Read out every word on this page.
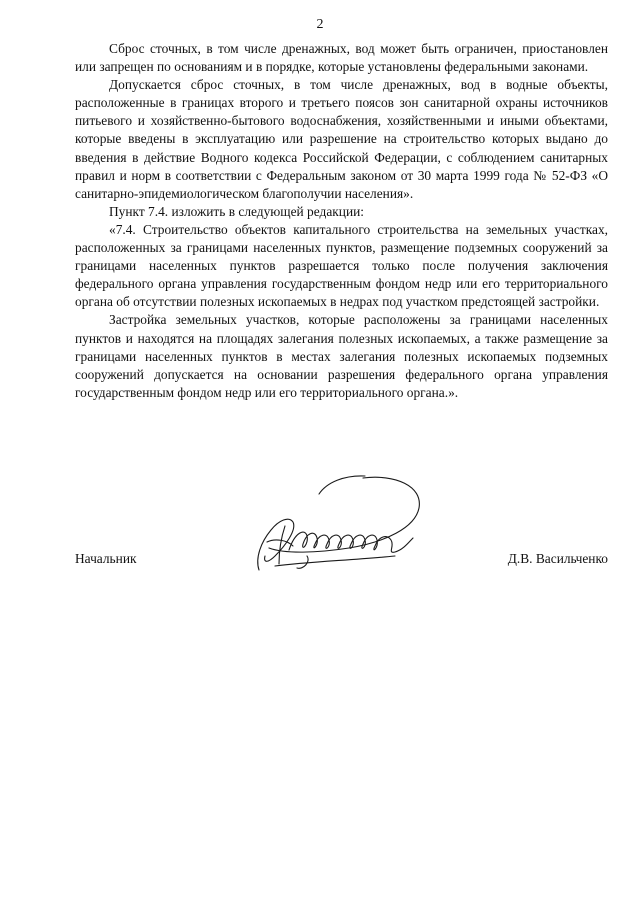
2

Сброс сточных, в том числе дренажных, вод может быть ограничен, приостановлен или запрещен по основаниям и в порядке, которые установлены федеральными законами.

Допускается сброс сточных, в том числе дренажных, вод в водные объекты, расположенные в границах второго и третьего поясов зон санитарной охраны источников питьевого и хозяйственно-бытового водоснабжения, хозяйственными и иными объектами, которые введены в эксплуатацию или разрешение на строительство которых выдано до введения в действие Водного кодекса Российской Федерации, с соблюдением санитарных правил и норм в соответствии с Федеральным законом от 30 марта 1999 года № 52-ФЗ «О санитарно-эпидемиологическом благополучии населения».

Пункт 7.4. изложить в следующей редакции:

«7.4. Строительство объектов капитального строительства на земельных участках, расположенных за границами населенных пунктов, размещение подземных сооружений за границами населенных пунктов разрешается только после получения заключения федерального органа управления государственным фондом недр или его территориального органа об отсутствии полезных ископаемых в недрах под участком предстоящей застройки.

Застройка земельных участков, которые расположены за границами населенных пунктов и находятся на площадях залегания полезных ископаемых, а также размещение за границами населенных пунктов в местах залегания полезных ископаемых подземных сооружений допускается на основании разрешения федерального органа управления государственным фондом недр или его территориального органа.».

Начальник	Д.В. Васильченко
